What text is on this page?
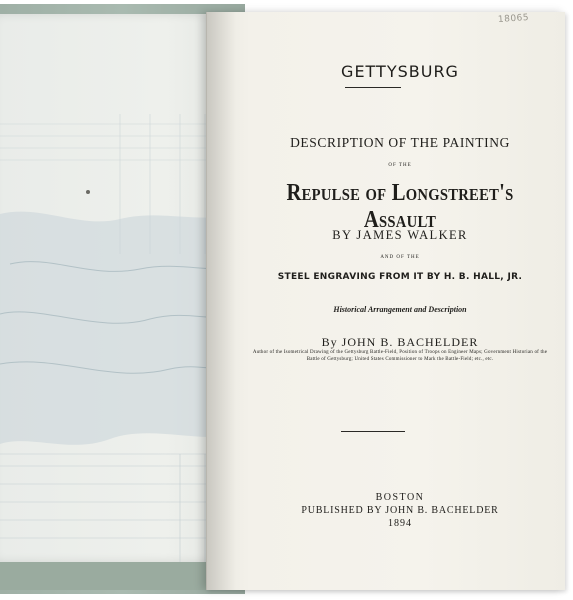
18065
GETTYSBURG
DESCRIPTION OF THE PAINTING
OF THE
Repulse of Longstreet's Assault
BY JAMES WALKER
AND OF THE
STEEL ENGRAVING FROM IT BY H. B. HALL, JR.
Historical Arrangement and Description
By JOHN B. BACHELDER
Author of the Isometrical Drawing of the Gettysburg Battle-Field, Position of Troops on Engineer Maps; Government Historian of the Battle of Gettysburg; United States Commissioner to Mark the Battle-Field; etc., etc.
BOSTON
PUBLISHED BY JOHN B. BACHELDER
1894
